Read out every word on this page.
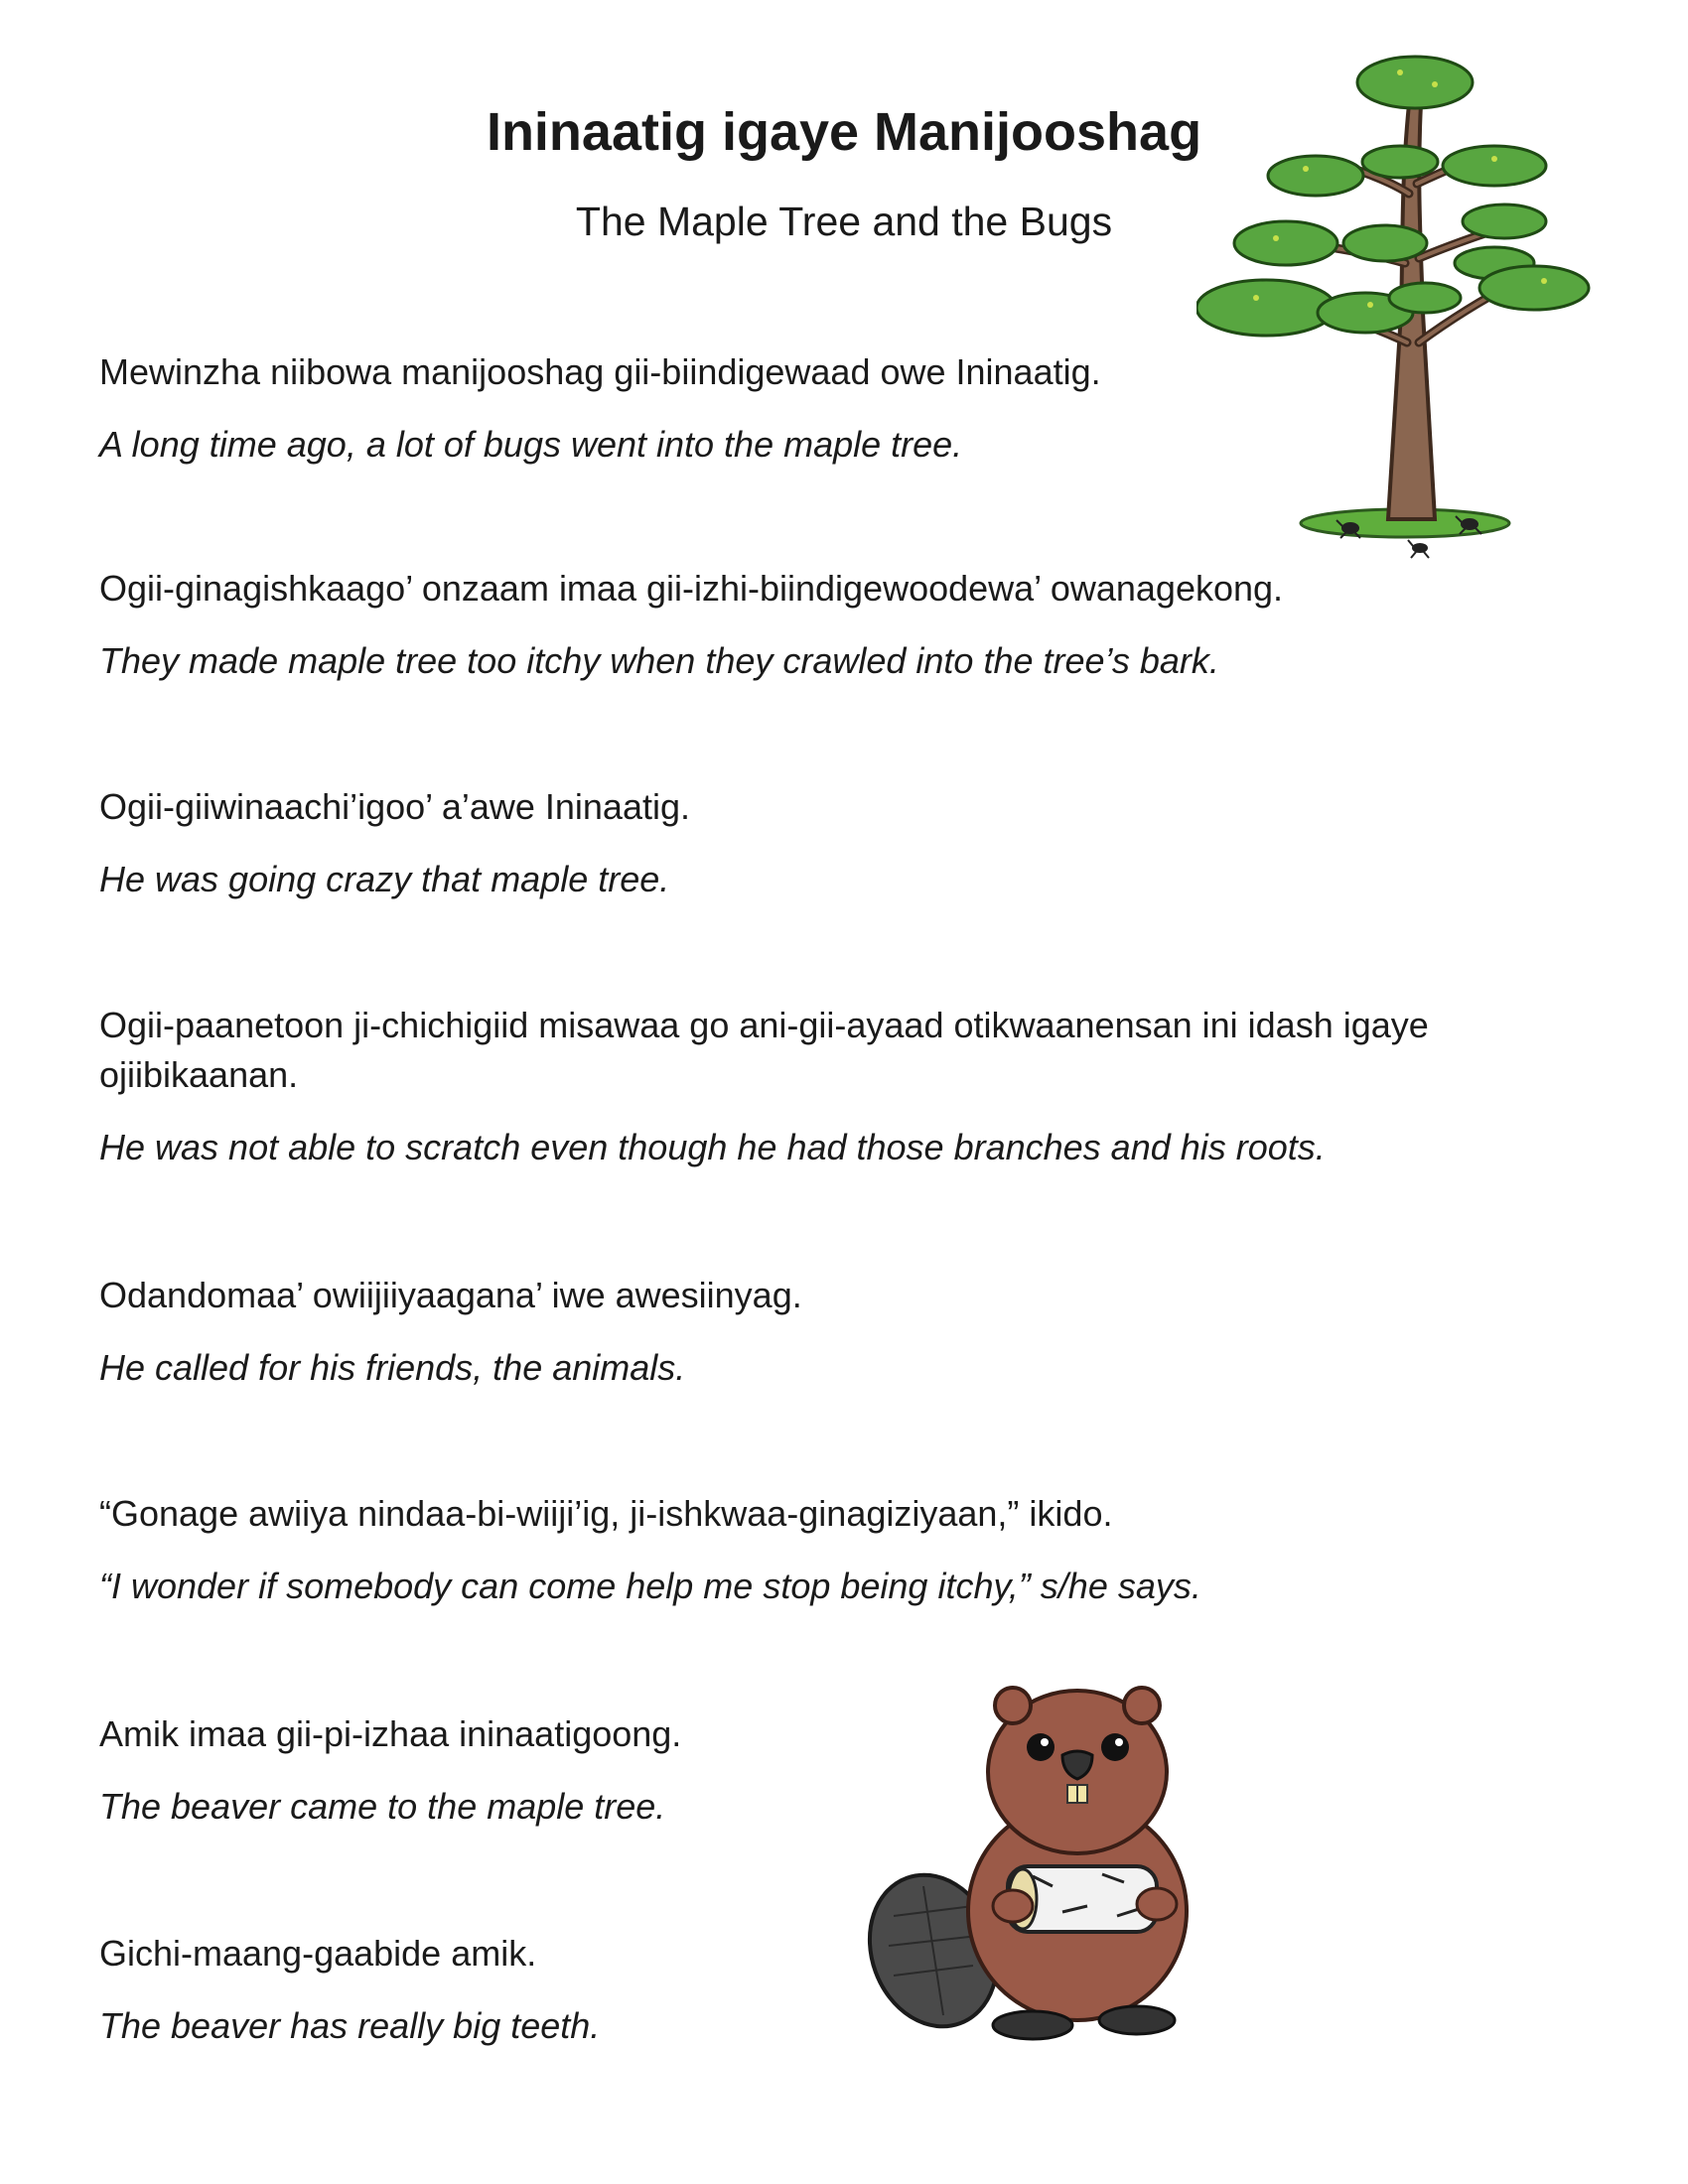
Ininaatig igaye Manijooshag

The Maple Tree and the Bugs

Mewinzha niibowa manijooshag gii-biindigewaad owe Ininaatig.

A long time ago, a lot of bugs went into the maple tree.

Ogii-ginagishkaago’ onzaam imaa gii-izhi-biindigewoodewa’ owanagekong.

They made maple tree too itchy when they crawled into the tree’s bark.

Ogii-giiwinaachi’igoo’ a’awe Ininaatig.

He was going crazy that maple tree.

Ogii-paanetoon ji-chichigiid misawaa go ani-gii-ayaad otikwaanensan ini idash igaye ojiibikaanan.

He was not able to scratch even though he had those branches and his roots.

Odandomaa’ owiijiiyaagana’ iwe awesiinyag.

He called for his friends, the animals.

“Gonage awiiya nindaa-bi-wiiji’ig, ji-ishkwaa-ginagiziyaan,” ikido.

“I wonder if somebody can come help me stop being itchy,” s/he says.

Amik imaa gii-pi-izhaa ininaatigoong.

The beaver came to the maple tree.

Gichi-maang-gaabide amik.

The beaver has really big teeth.
